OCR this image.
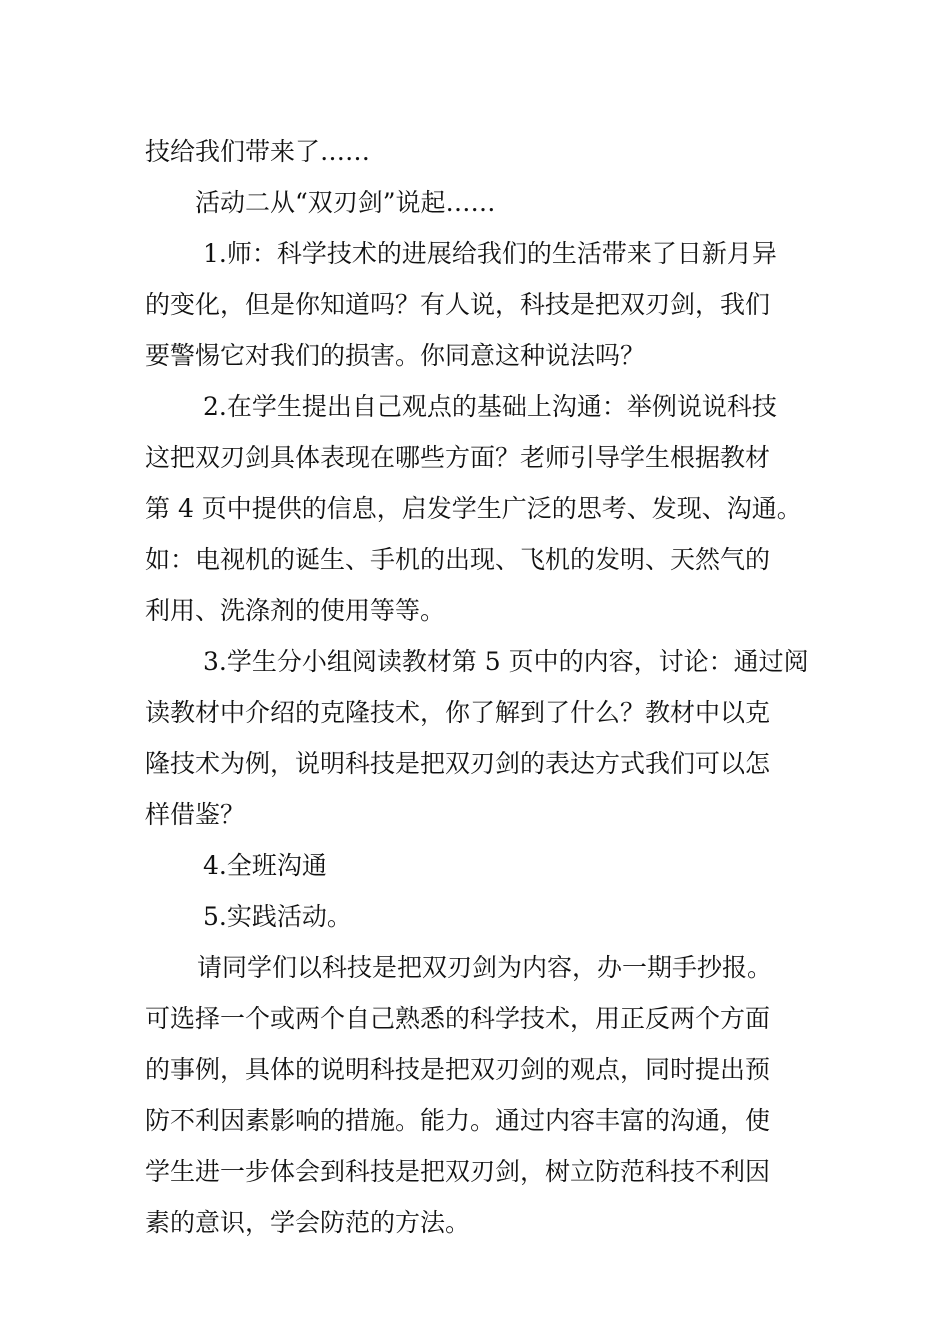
技给我们带来了……
活动二从“双刃剑”说起……
1.师：科学技术的进展给我们的生活带来了日新月异
的变化，但是你知道吗？有人说，科技是把双刃剑，我们
要警惕它对我们的损害。你同意这种说法吗？
2.在学生提出自己观点的基础上沟通：举例说说科技
这把双刃剑具体表现在哪些方面？老师引导学生根据教材
第 4 页中提供的信息，启发学生广泛的思考、发现、沟通。
如：电视机的诞生、手机的出现、飞机的发明、天然气的
利用、洗涤剂的使用等等。
3.学生分小组阅读教材第 5 页中的内容，讨论：通过阅
读教材中介绍的克隆技术，你了解到了什么？教材中以克
隆技术为例，说明科技是把双刃剑的表达方式我们可以怎
样借鉴？
4.全班沟通
5.实践活动。
请同学们以科技是把双刃剑为内容，办一期手抄报。
可选择一个或两个自己熟悉的科学技术，用正反两个方面
的事例，具体的说明科技是把双刃剑的观点，同时提出预
防不利因素影响的措施。能力。通过内容丰富的沟通，使
学生进一步体会到科技是把双刃剑，树立防范科技不利因
素的意识，学会防范的方法。
